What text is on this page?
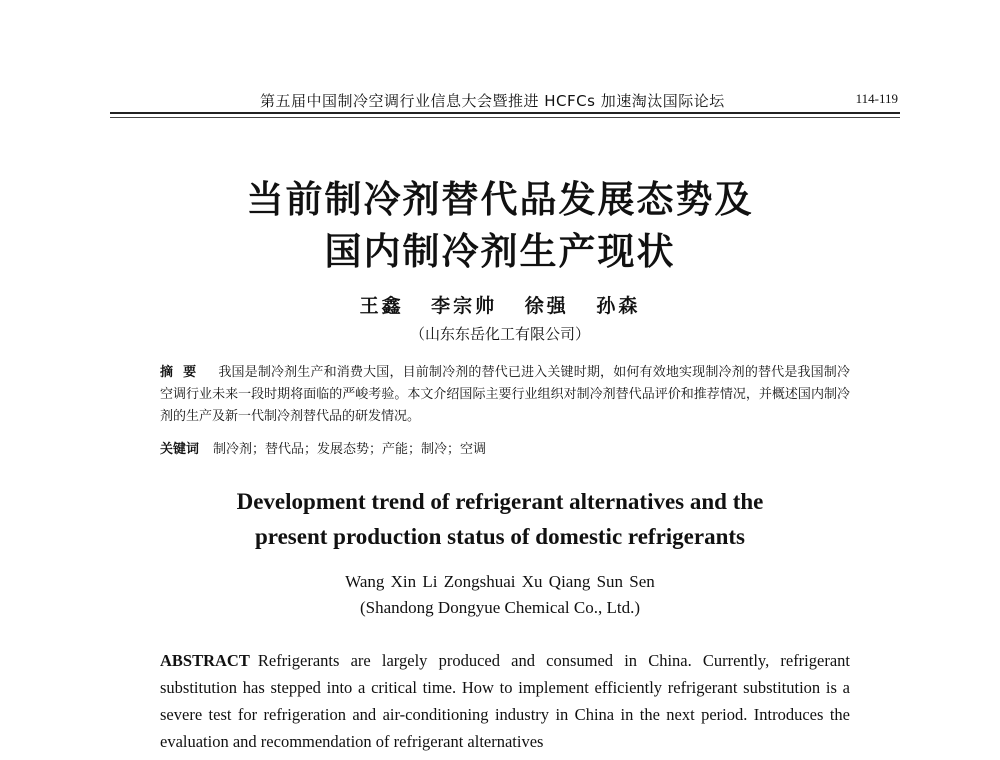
第五届中国制冷空调行业信息大会暨推进 HCFCs 加速淘汰国际论坛	114-119
当前制冷剂替代品发展态势及
国内制冷剂生产现状
王鑫 李宗帅 徐强 孙森
（山东东岳化工有限公司）
摘要 我国是制冷剂生产和消费大国，目前制冷剂的替代已进入关键时期，如何有效地实现制冷剂的替代是我国制冷空调行业未来一段时期将面临的严峻考验。本文介绍国际主要行业组织对制冷剂替代品评价和推荐情况，并概述国内制冷剂的生产及新一代制冷剂替代品的研发情况。
关键词 制冷剂；替代品；发展态势；产能；制冷；空调
Development trend of refrigerant alternatives and the
present production status of domestic refrigerants
Wang Xin Li Zongshuai Xu Qiang Sun Sen
(Shandong Dongyue Chemical Co., Ltd.)
ABSTRACT Refrigerants are largely produced and consumed in China. Currently, refrigerant substitution has stepped into a critical time. How to implement efficiently refrigerant substitution is a severe test for refrigeration and air-conditioning industry in China in the next period. Introduces the evaluation and recommendation of refrigerant alternatives
